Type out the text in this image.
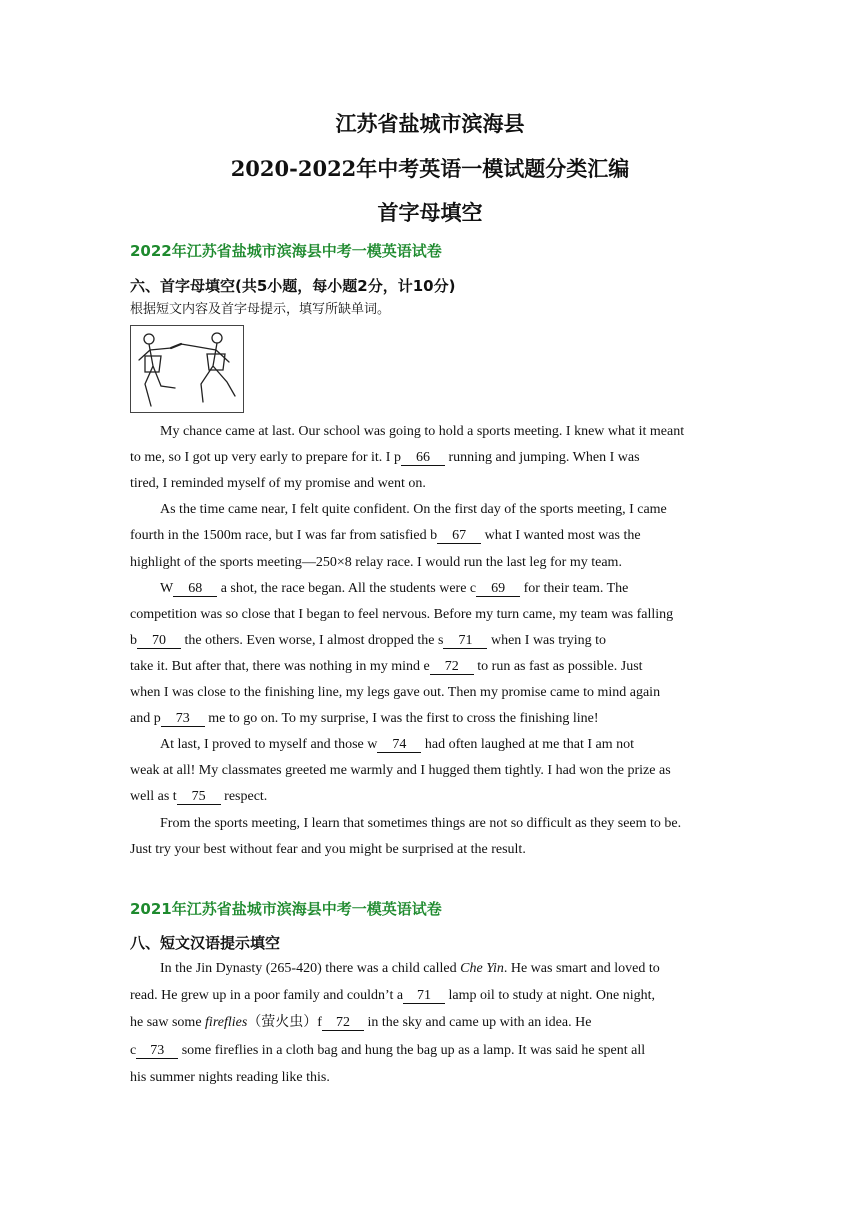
江苏省盐城市滨海县
2020-2022年中考英语一模试题分类汇编
首字母填空
2022年江苏省盐城市滨海县中考一模英语试卷
六、首字母填空(共5小题，每小题2分，计10分)
根据短文内容及首字母提示，填写所缺单词。
My chance came at last. Our school was going to hold a sports meeting. I knew what it meant
to me, so I got up very early to prepare for it. I p 66 running and jumping. When I was
tired, I reminded myself of my promise and went on.
As the time came near, I felt quite confident. On the first day of the sports meeting, I came
fourth in the 1500m race, but I was far from satisfied b 67 what I wanted most was the
highlight of the sports meeting—250×8 relay race. I would run the last leg for my team.
W 68 a shot, the race began. All the students were c 69 for their team. The
competition was so close that I began to feel nervous. Before my turn came, my team was falling
b 70 the others. Even worse, I almost dropped the s 71 when I was trying to
take it. But after that, there was nothing in my mind e 72 to run as fast as possible. Just
when I was close to the finishing line, my legs gave out. Then my promise came to mind again
and p 73 me to go on. To my surprise, I was the first to cross the finishing line!
At last, I proved to myself and those w 74 had often laughed at me that I am not
weak at all! My classmates greeted me warmly and I hugged them tightly. I had won the prize as
well as t 75 respect.
From the sports meeting, I learn that sometimes things are not so difficult as they seem to be.
Just try your best without fear and you might be surprised at the result.
2021年江苏省盐城市滨海县中考一模英语试卷
八、短文汉语提示填空
In the Jin Dynasty (265-420) there was a child called Che Yin. He was smart and loved to
read. He grew up in a poor family and couldn’t a 71 lamp oil to study at night. One night,
he saw some fireflies（萤火虫）f 72 in the sky and came up with an idea. He
c 73 some fireflies in a cloth bag and hung the bag up as a lamp. It was said he spent all
his summer nights reading like this.
